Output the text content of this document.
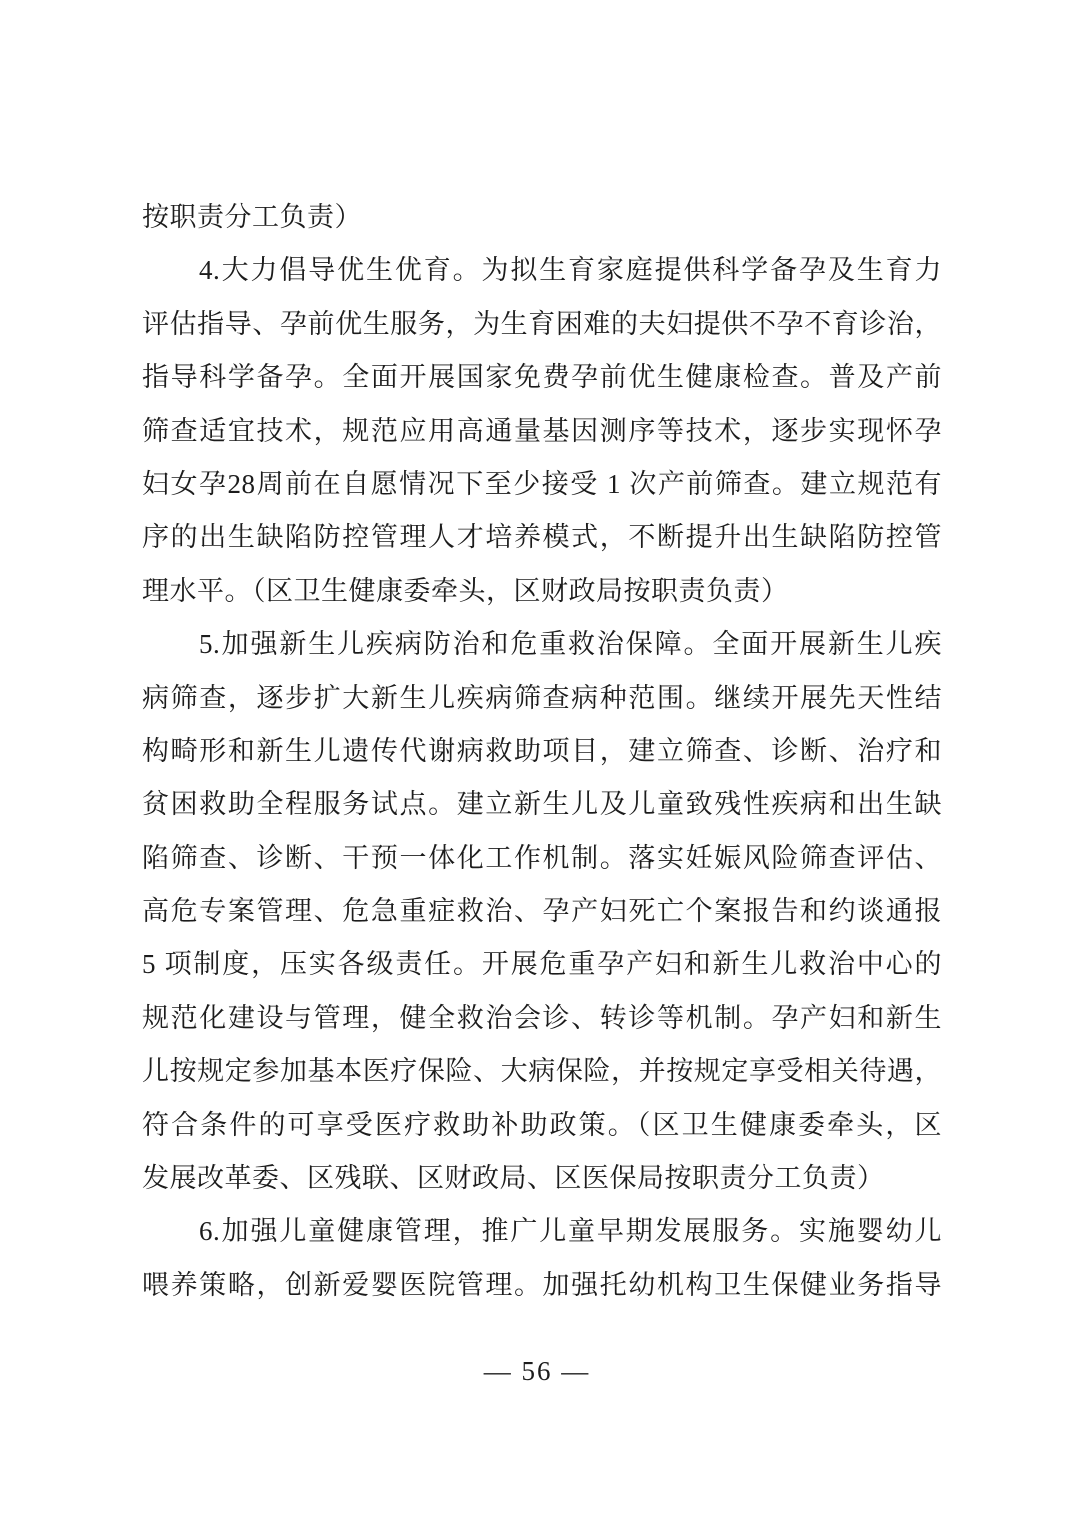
按职责分工负责）
4.大力倡导优生优育。为拟生育家庭提供科学备孕及生育力
评估指导、孕前优生服务，为生育困难的夫妇提供不孕不育诊治，
指导科学备孕。全面开展国家免费孕前优生健康检查。普及产前
筛查适宜技术，规范应用高通量基因测序等技术，逐步实现怀孕
妇女孕28周前在自愿情况下至少接受 1 次产前筛查。建立规范有
序的出生缺陷防控管理人才培养模式，不断提升出生缺陷防控管
理水平。（区卫生健康委牵头，区财政局按职责负责）
5.加强新生儿疾病防治和危重救治保障。全面开展新生儿疾
病筛查，逐步扩大新生儿疾病筛查病种范围。继续开展先天性结
构畸形和新生儿遗传代谢病救助项目，建立筛查、诊断、治疗和
贫困救助全程服务试点。建立新生儿及儿童致残性疾病和出生缺
陷筛查、诊断、干预一体化工作机制。落实妊娠风险筛查评估、
高危专案管理、危急重症救治、孕产妇死亡个案报告和约谈通报
5 项制度，压实各级责任。开展危重孕产妇和新生儿救治中心的
规范化建设与管理，健全救治会诊、转诊等机制。孕产妇和新生
儿按规定参加基本医疗保险、大病保险，并按规定享受相关待遇，
符合条件的可享受医疗救助补助政策。（区卫生健康委牵头，区
发展改革委、区残联、区财政局、区医保局按职责分工负责）
6.加强儿童健康管理，推广儿童早期发展服务。实施婴幼儿
喂养策略，创新爱婴医院管理。加强托幼机构卫生保健业务指导
— 56 —
